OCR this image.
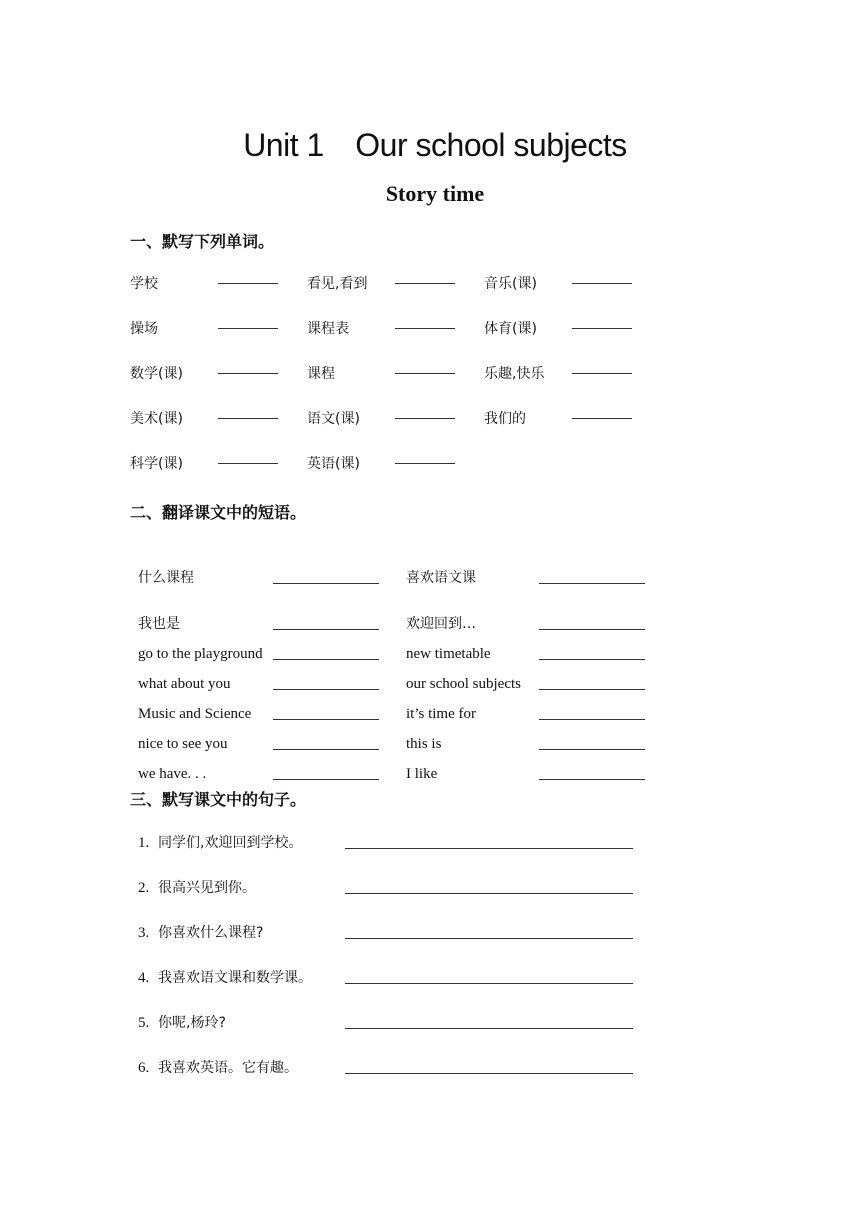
Unit 1　Our school subjects
Story time

一、默写下列单词。

学校	看见,看到	音乐(课)
操场	课程表	体育(课)
数学(课)	课程	乐趣,快乐
美术(课)	语文(课)	我们的
科学(课)	英语(课)

二、翻译课文中的短语。

什么课程	喜欢语文课
我也是	欢迎回到…
go to the playground	new timetable
what about you	our school subjects
Music and Science	it’s time for
nice to see you	this is
we have. . .	I like

三、默写课文中的句子。

1. 同学们,欢迎回到学校。
2. 很高兴见到你。
3. 你喜欢什么课程?
4. 我喜欢语文课和数学课。
5. 你呢,杨玲?
6. 我喜欢英语。它有趣。
